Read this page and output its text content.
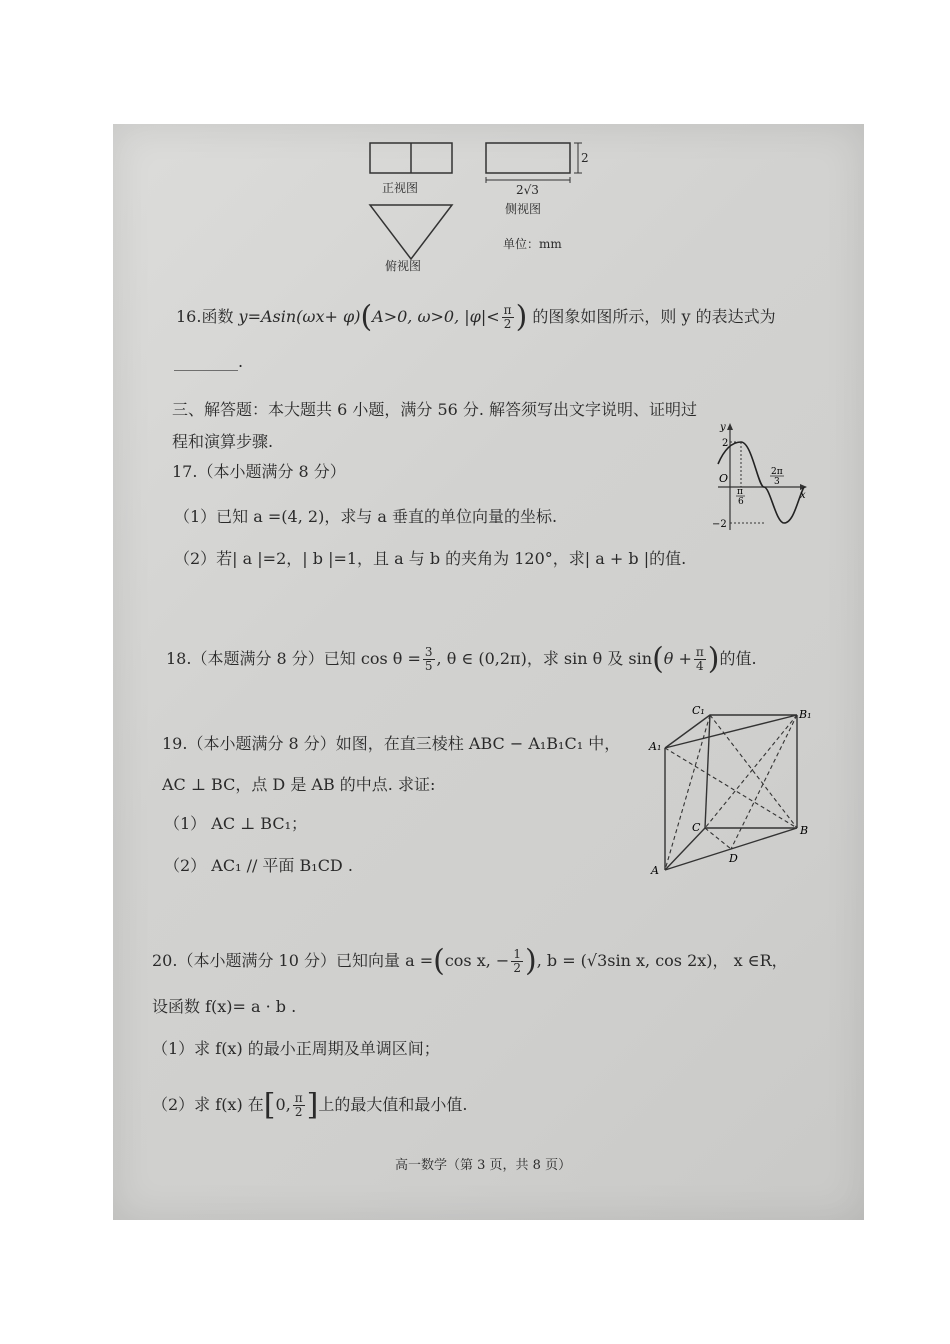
正视图
侧视图
俯视图
2
2√3
单位：mm
16.函数 y=Asin(ωx+ φ)(A>0, ω>0, $|\varphi|< \frac{\pi}{2}$ ) 的图象如图所示，则 y 的表达式为
________.
三、解答题：本大题共 6 小题，满分 56 分. 解答须写出文字说明、证明过
程和演算步骤.
y
x
O
2
−2
π
6
2π
3
17.（本小题满分 8 分）
（1）已知 a =(4, 2)，求与 a 垂直的单位向量的坐标.
（2）若| a |=2，| b |=1，且 a 与 b 的夹角为 120°，求| a + b |的值.
18.（本题满分 8 分）已知 $\cos \theta = \frac{3}{5}$ , θ ∈ (0,2π)，求 sin θ 及 $\sin(\theta + \frac{\pi}{4}$ )的值.
C₁	B₁
A₁
C	B
A
D
19.（本小题满分 8 分）如图，在直三棱柱 ABC − A₁B₁C₁ 中，
AC ⊥ BC，点 D 是 AB 的中点. 求证:
（1） AC ⊥ BC₁；
（2） AC₁ // 平面 B₁CD .
20.（本小题满分 10 分）已知向量 a =(cos x, − $\frac{1}{2}$ ), b = (√3sin x, cos 2x)， x ∈R，
设函数 f(x)= a · b .
（1）求 f(x) 的最小正周期及单调区间；
（2）求 f(x) 在[0, $\frac{\pi}{2}$ ]上的最大值和最小值.
高一数学（第 3 页，共 8 页）
